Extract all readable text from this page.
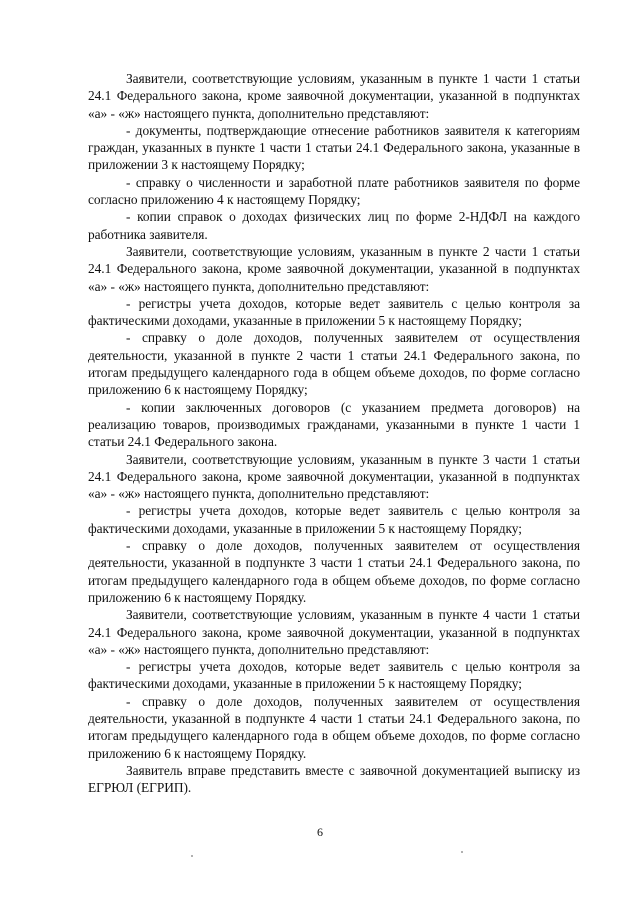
Заявители, соответствующие условиям, указанным в пункте 1 части 1 статьи 24.1 Федерального закона, кроме заявочной документации, указанной в подпунктах «а» - «ж» настоящего пункта, дополнительно представляют:

- документы, подтверждающие отнесение работников заявителя к категориям граждан, указанных в пункте 1 части 1 статьи 24.1 Федерального закона, указанные в приложении 3 к настоящему Порядку;

- справку о численности и заработной плате работников заявителя по форме согласно приложению 4 к настоящему Порядку;

- копии справок о доходах физических лиц по форме 2-НДФЛ на каждого работника заявителя.

Заявители, соответствующие условиям, указанным в пункте 2 части 1 статьи 24.1 Федерального закона, кроме заявочной документации, указанной в подпунктах «а» - «ж» настоящего пункта, дополнительно представляют:

- регистры учета доходов, которые ведет заявитель с целью контроля за фактическими доходами, указанные в приложении 5 к настоящему Порядку;

- справку о доле доходов, полученных заявителем от осуществления деятельности, указанной в пункте 2 части 1 статьи 24.1 Федерального закона, по итогам предыдущего календарного года в общем объеме доходов, по форме согласно приложению 6 к настоящему Порядку;

- копии заключенных договоров (с указанием предмета договоров) на реализацию товаров, производимых гражданами, указанными в пункте 1 части 1 статьи 24.1 Федерального закона.

Заявители, соответствующие условиям, указанным в пункте 3 части 1 статьи 24.1 Федерального закона, кроме заявочной документации, указанной в подпунктах «а» - «ж» настоящего пункта, дополнительно представляют:

- регистры учета доходов, которые ведет заявитель с целью контроля за фактическими доходами, указанные в приложении 5 к настоящему Порядку;

- справку о доле доходов, полученных заявителем от осуществления деятельности, указанной в подпункте 3 части 1 статьи 24.1 Федерального закона, по итогам предыдущего календарного года в общем объеме доходов, по форме согласно приложению 6 к настоящему Порядку.

Заявители, соответствующие условиям, указанным в пункте 4 части 1 статьи 24.1 Федерального закона, кроме заявочной документации, указанной в подпунктах «а» - «ж» настоящего пункта, дополнительно представляют:

- регистры учета доходов, которые ведет заявитель с целью контроля за фактическими доходами, указанные в приложении 5 к настоящему Порядку;

- справку о доле доходов, полученных заявителем от осуществления деятельности, указанной в подпункте 4 части 1 статьи 24.1 Федерального закона, по итогам предыдущего календарного года в общем объеме доходов, по форме согласно приложению 6 к настоящему Порядку.

Заявитель вправе представить вместе с заявочной документацией выписку из ЕГРЮЛ (ЕГРИП).

6
